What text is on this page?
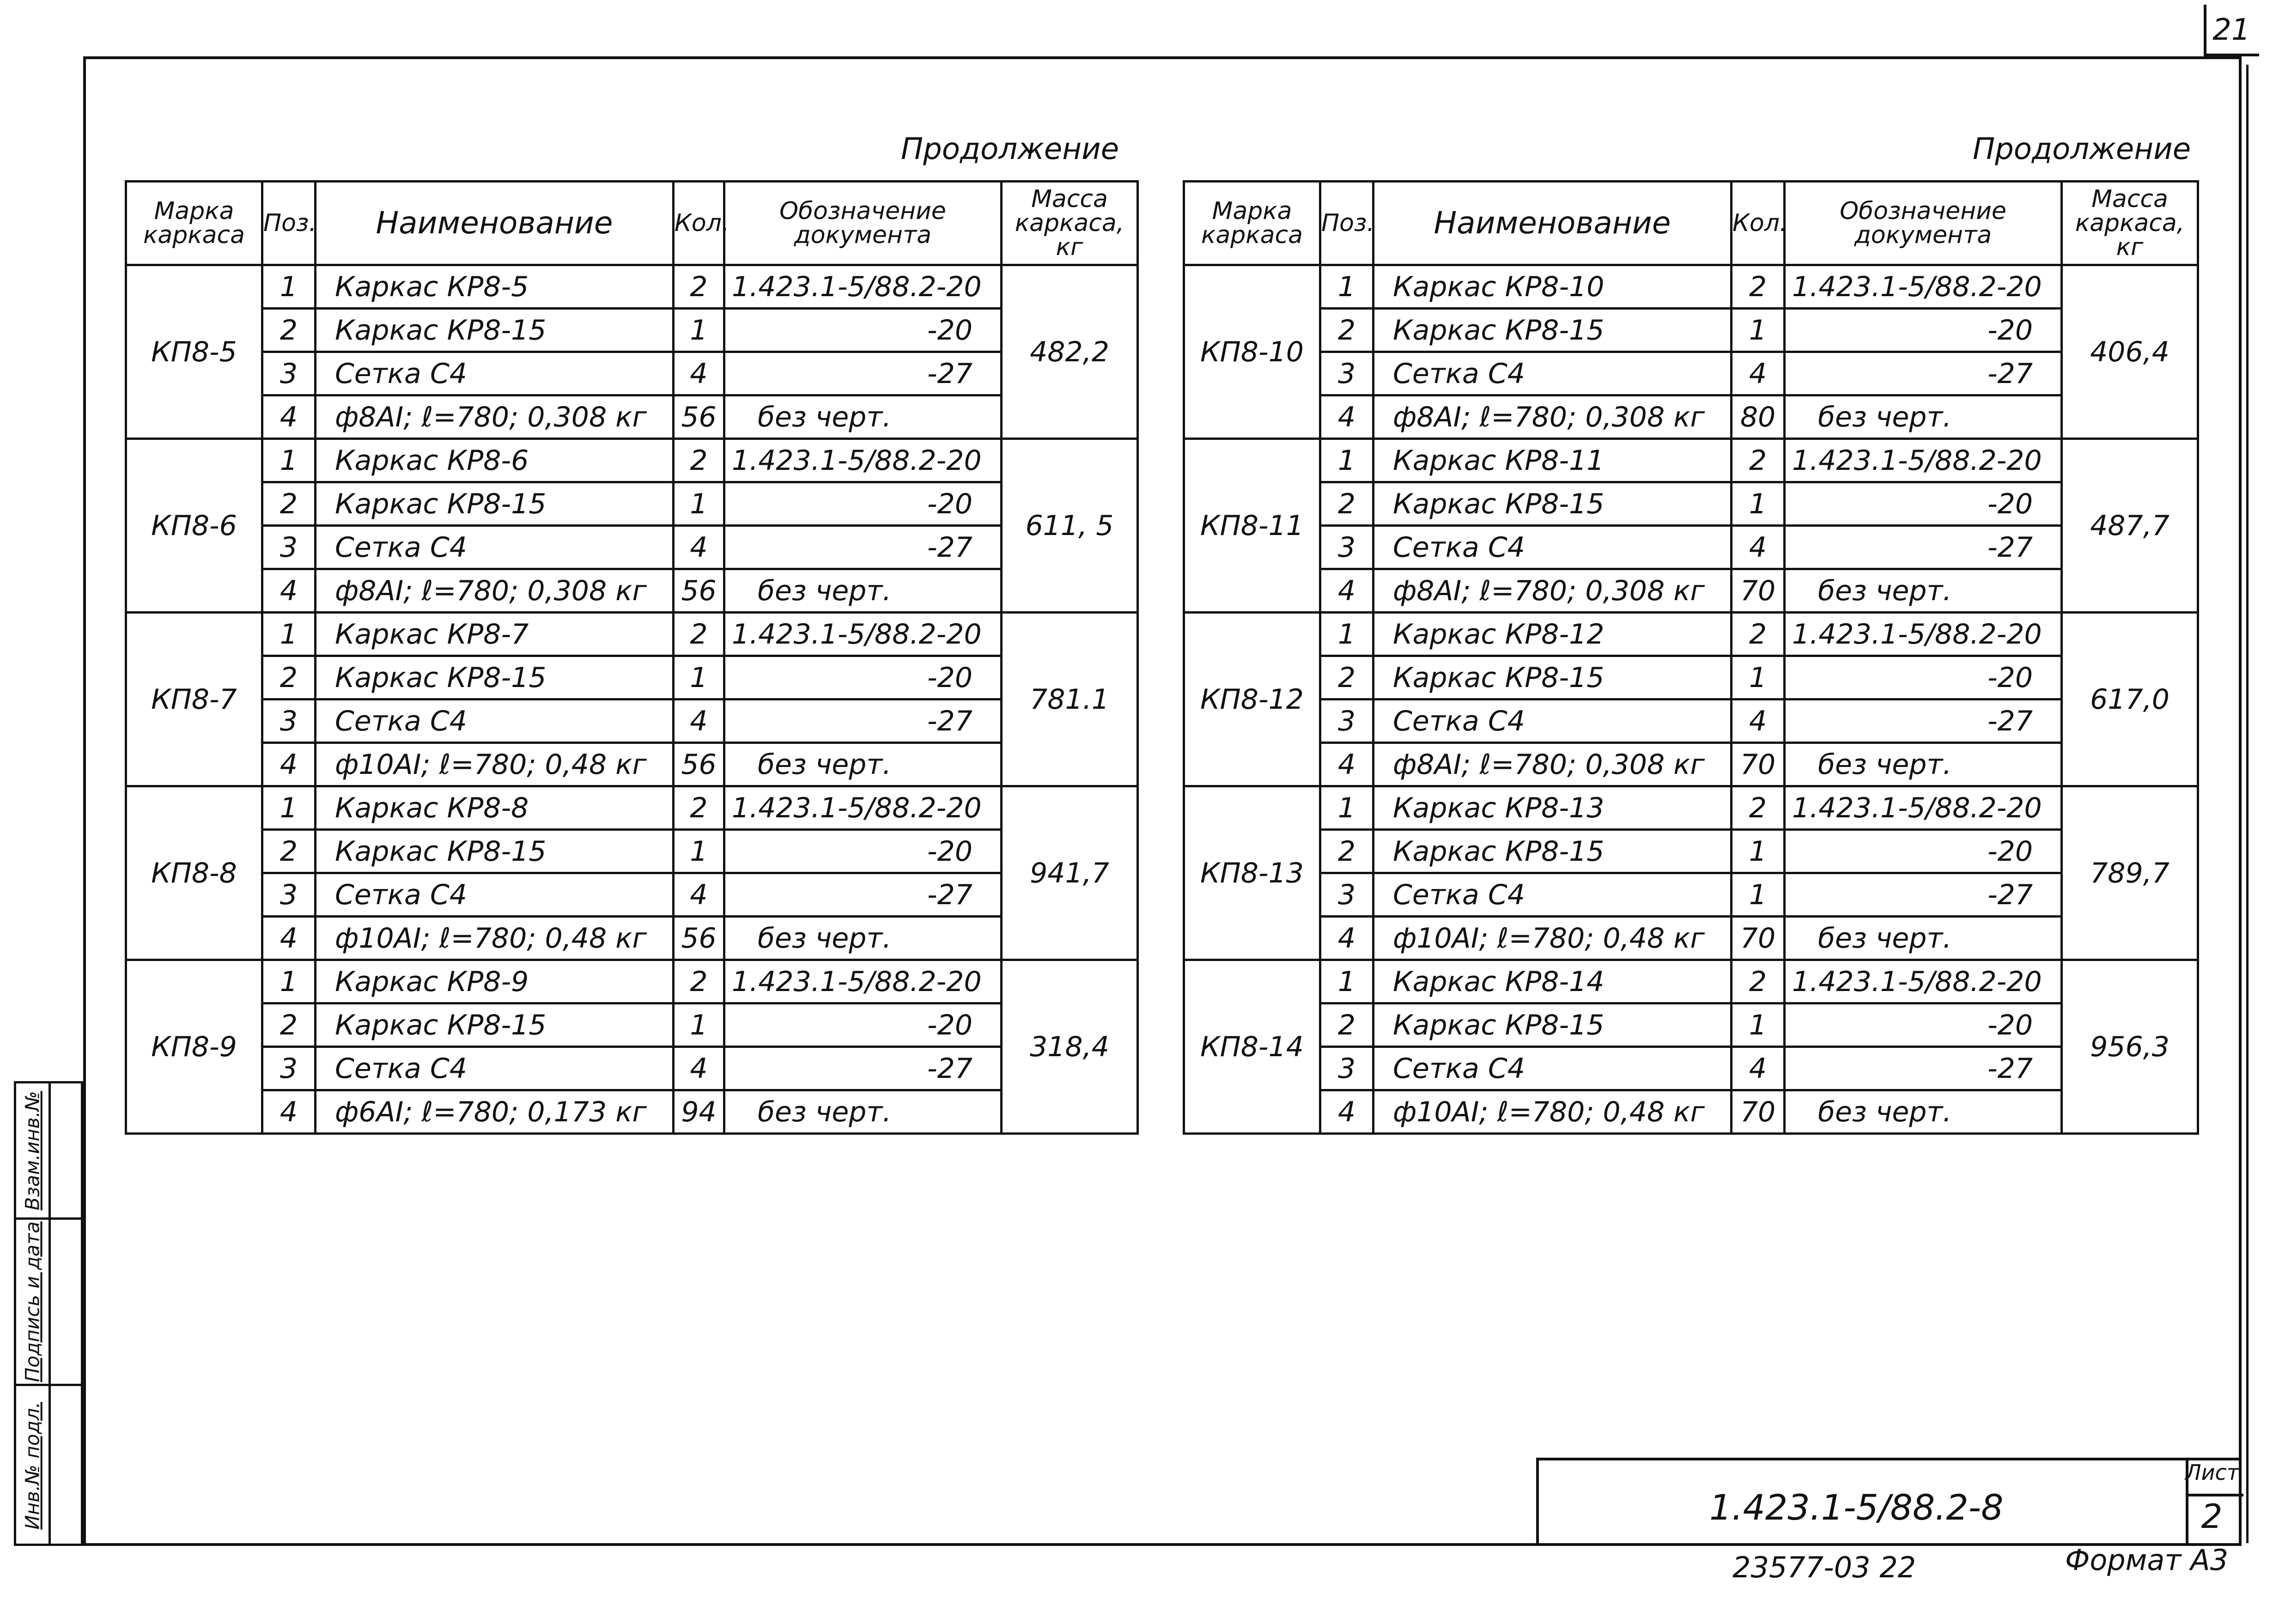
21
Взам.инв.№
Подпись и дата
Инв.№ подл.
Продолжение	Продолжение
Марка каркаса	Поз.	Наименование	Кол.	Обозначение документа	Масса каркаса, кг
КП8-5	1	Каркас КР8-5	2	1.423.1-5/88.2-20	482,2
	2	Каркас КР8-15	1	-20	
	3	Сетка С4	4	-27	
	4	ф8АI; ℓ=780; 0,308 кг	56	без черт.	
КП8-6	1	Каркас КР8-6	2	1.423.1-5/88.2-20	611, 5
	2	Каркас КР8-15	1	-20	
	3	Сетка С4	4	-27	
	4	ф8АI; ℓ=780; 0,308 кг	56	без черт.	
КП8-7	1	Каркас КР8-7	2	1.423.1-5/88.2-20	781.1
	2	Каркас КР8-15	1	-20	
	3	Сетка С4	4	-27	
	4	ф10АI; ℓ=780; 0,48 кг	56	без черт.	
КП8-8	1	Каркас КР8-8	2	1.423.1-5/88.2-20	941,7
	2	Каркас КР8-15	1	-20	
	3	Сетка С4	4	-27	
	4	ф10АI; ℓ=780; 0,48 кг	56	без черт.	
КП8-9	1	Каркас КР8-9	2	1.423.1-5/88.2-20	318,4
	2	Каркас КР8-15	1	-20	
	3	Сетка С4	4	-27	
	4	ф6АI; ℓ=780; 0,173 кг	94	без черт.	
Марка каркаса	Поз.	Наименование	Кол.	Обозначение документа	Масса каркаса, кг
КП8-10	1	Каркас КР8-10	2	1.423.1-5/88.2-20	406,4
	2	Каркас КР8-15	1	-20	
	3	Сетка С4	4	-27	
	4	ф8АI; ℓ=780; 0,308 кг	80	без черт.	
КП8-11	1	Каркас КР8-11	2	1.423.1-5/88.2-20	487,7
	2	Каркас КР8-15	1	-20	
	3	Сетка С4	4	-27	
	4	ф8АI; ℓ=780; 0,308 кг	70	без черт.	
КП8-12	1	Каркас КР8-12	2	1.423.1-5/88.2-20	617,0
	2	Каркас КР8-15	1	-20	
	3	Сетка С4	4	-27	
	4	ф8АI; ℓ=780; 0,308 кг	70	без черт.	
КП8-13	1	Каркас КР8-13	2	1.423.1-5/88.2-20	789,7
	2	Каркас КР8-15	1	-20	
	3	Сетка С4	1	-27	
	4	ф10АI; ℓ=780; 0,48 кг	70	без черт.	
КП8-14	1	Каркас КР8-14	2	1.423.1-5/88.2-20	956,3
	2	Каркас КР8-15	1	-20	
	3	Сетка С4	4	-27	
	4	ф10АI; ℓ=780; 0,48 кг	70	без черт.	
1.423.1-5/88.2-8
Лист
2
23577-03 22	Формат А3
